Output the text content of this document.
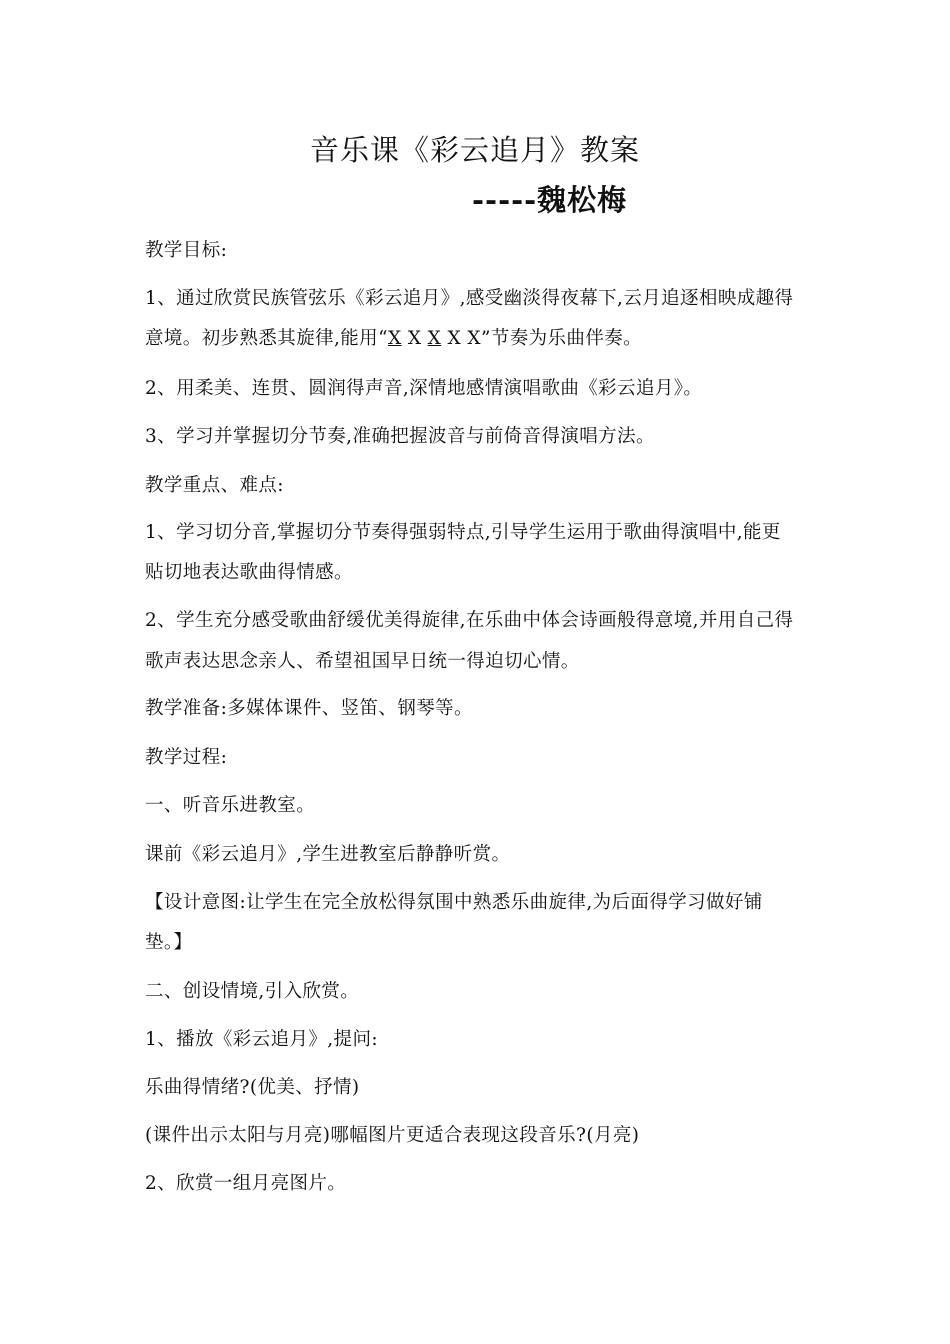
音乐课《彩云追月》教案
-----魏松梅
教学目标:
1、通过欣赏民族管弦乐《彩云追月》,感受幽淡得夜幕下,云月追逐相映成趣得
意境。初步熟悉其旋律,能用“X X X X X”节奏为乐曲伴奏。
2、用柔美、连贯、圆润得声音,深情地感情演唱歌曲《彩云追月》。
3、学习并掌握切分节奏,准确把握波音与前倚音得演唱方法。
教学重点、难点:
1、学习切分音,掌握切分节奏得强弱特点,引导学生运用于歌曲得演唱中,能更
贴切地表达歌曲得情感。
2、学生充分感受歌曲舒缓优美得旋律,在乐曲中体会诗画般得意境,并用自己得
歌声表达思念亲人、希望祖国早日统一得迫切心情。
教学准备:多媒体课件、竖笛、钢琴等。
教学过程:
一、听音乐进教室。
课前《彩云追月》,学生进教室后静静听赏。
【设计意图:让学生在完全放松得氛围中熟悉乐曲旋律,为后面得学习做好铺
垫。】
二、创设情境,引入欣赏。
1、播放《彩云追月》,提问:
乐曲得情绪?(优美、抒情)
(课件出示太阳与月亮)哪幅图片更适合表现这段音乐?(月亮)
2、欣赏一组月亮图片。
